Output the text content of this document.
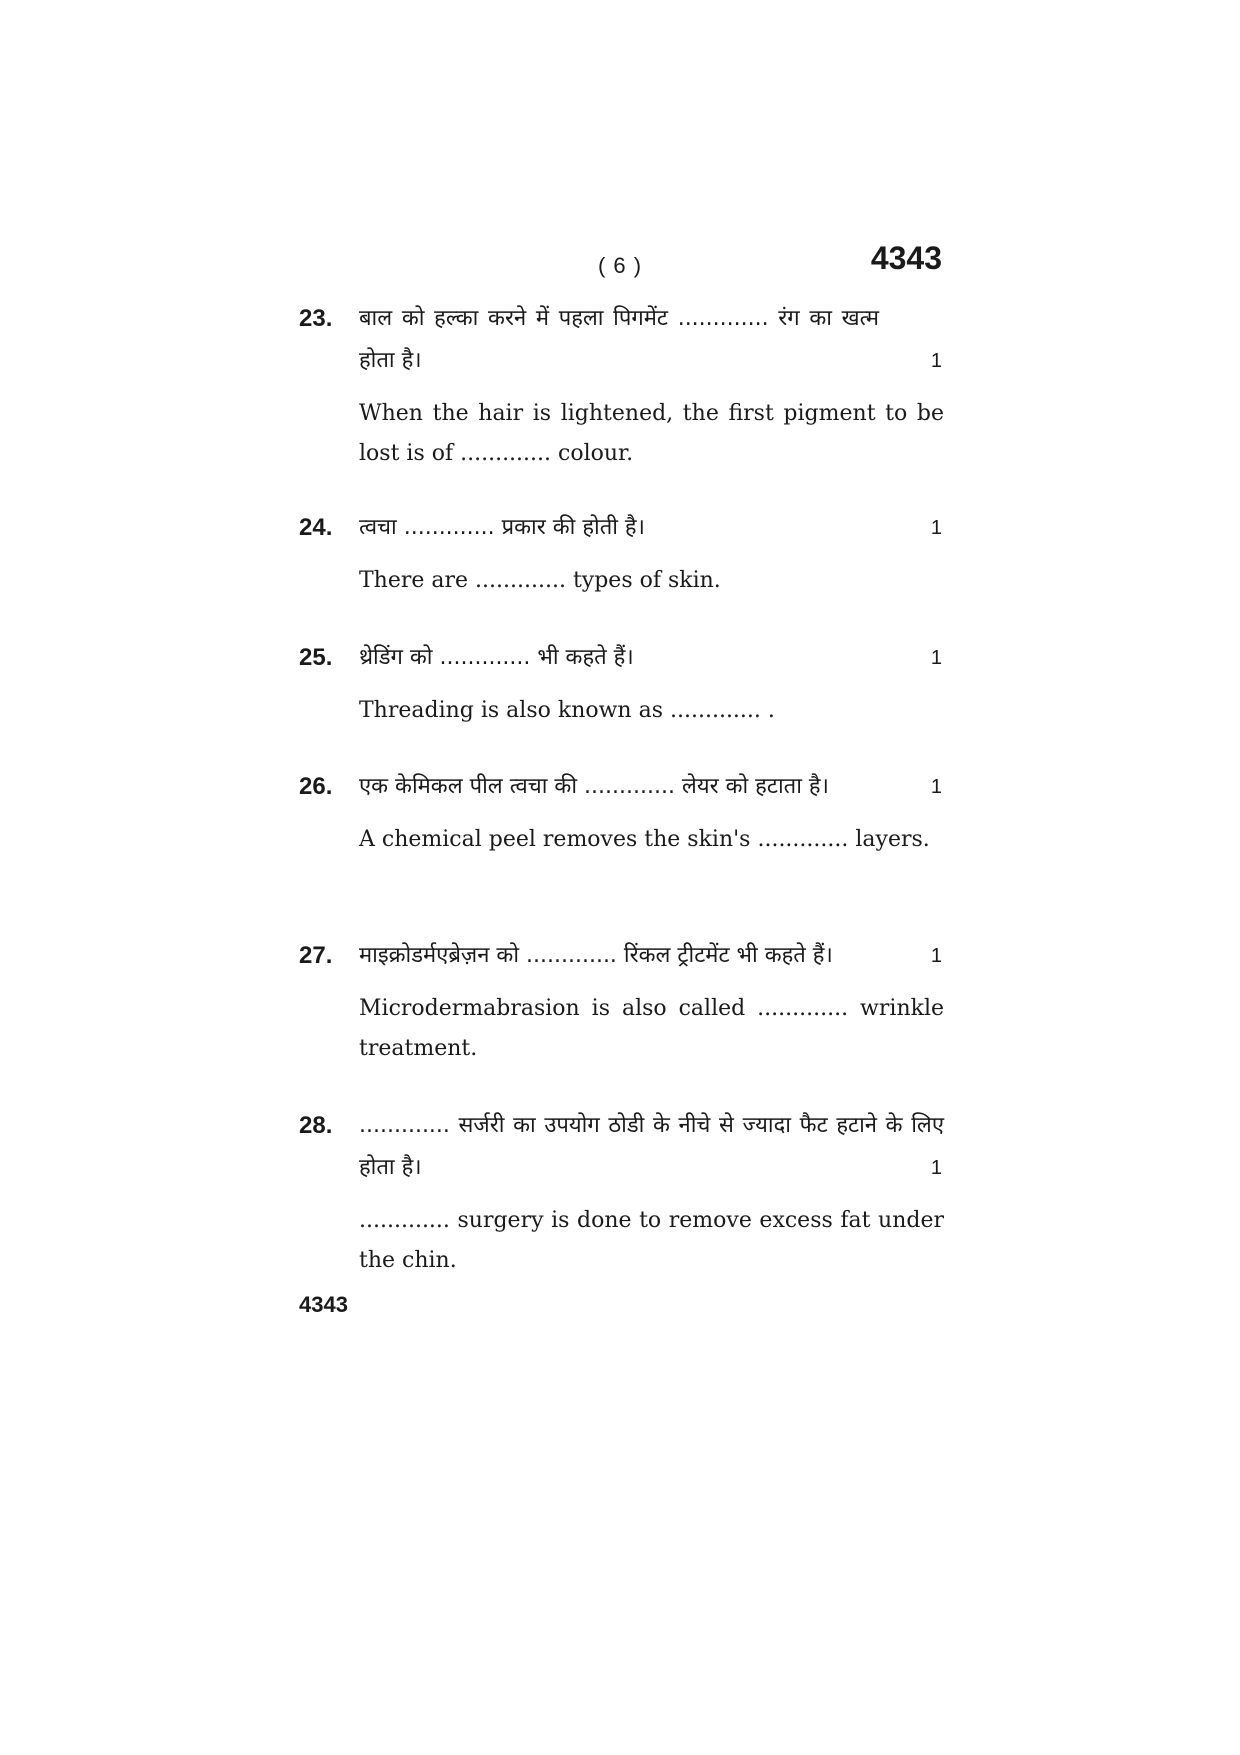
( 6 )	4343
23. बाल को हल्का करने में पहला पिगमेंट ............. रंग का खत्म होता है।	1

When the hair is lightened, the first pigment to be lost is of ............. colour.

24. त्वचा ............. प्रकार की होती है।	1

There are ............. types of skin.

25. थ्रेडिंग को ............. भी कहते हैं।	1

Threading is also known as ............. .

26. एक केमिकल पील त्वचा की ............. लेयर को हटाता है।	1

A chemical peel removes the skin's ............. layers.

27. माइक्रोडर्मएब्रेज़न को ............. रिंकल ट्रीटमेंट भी कहते हैं।	1

Microdermabrasion is also called ............. wrinkle treatment.

28. ............. सर्जरी का उपयोग ठोडी के नीचे से ज्यादा फैट हटाने के लिए होता है।	1

............. surgery is done to remove excess fat under the chin.

4343
